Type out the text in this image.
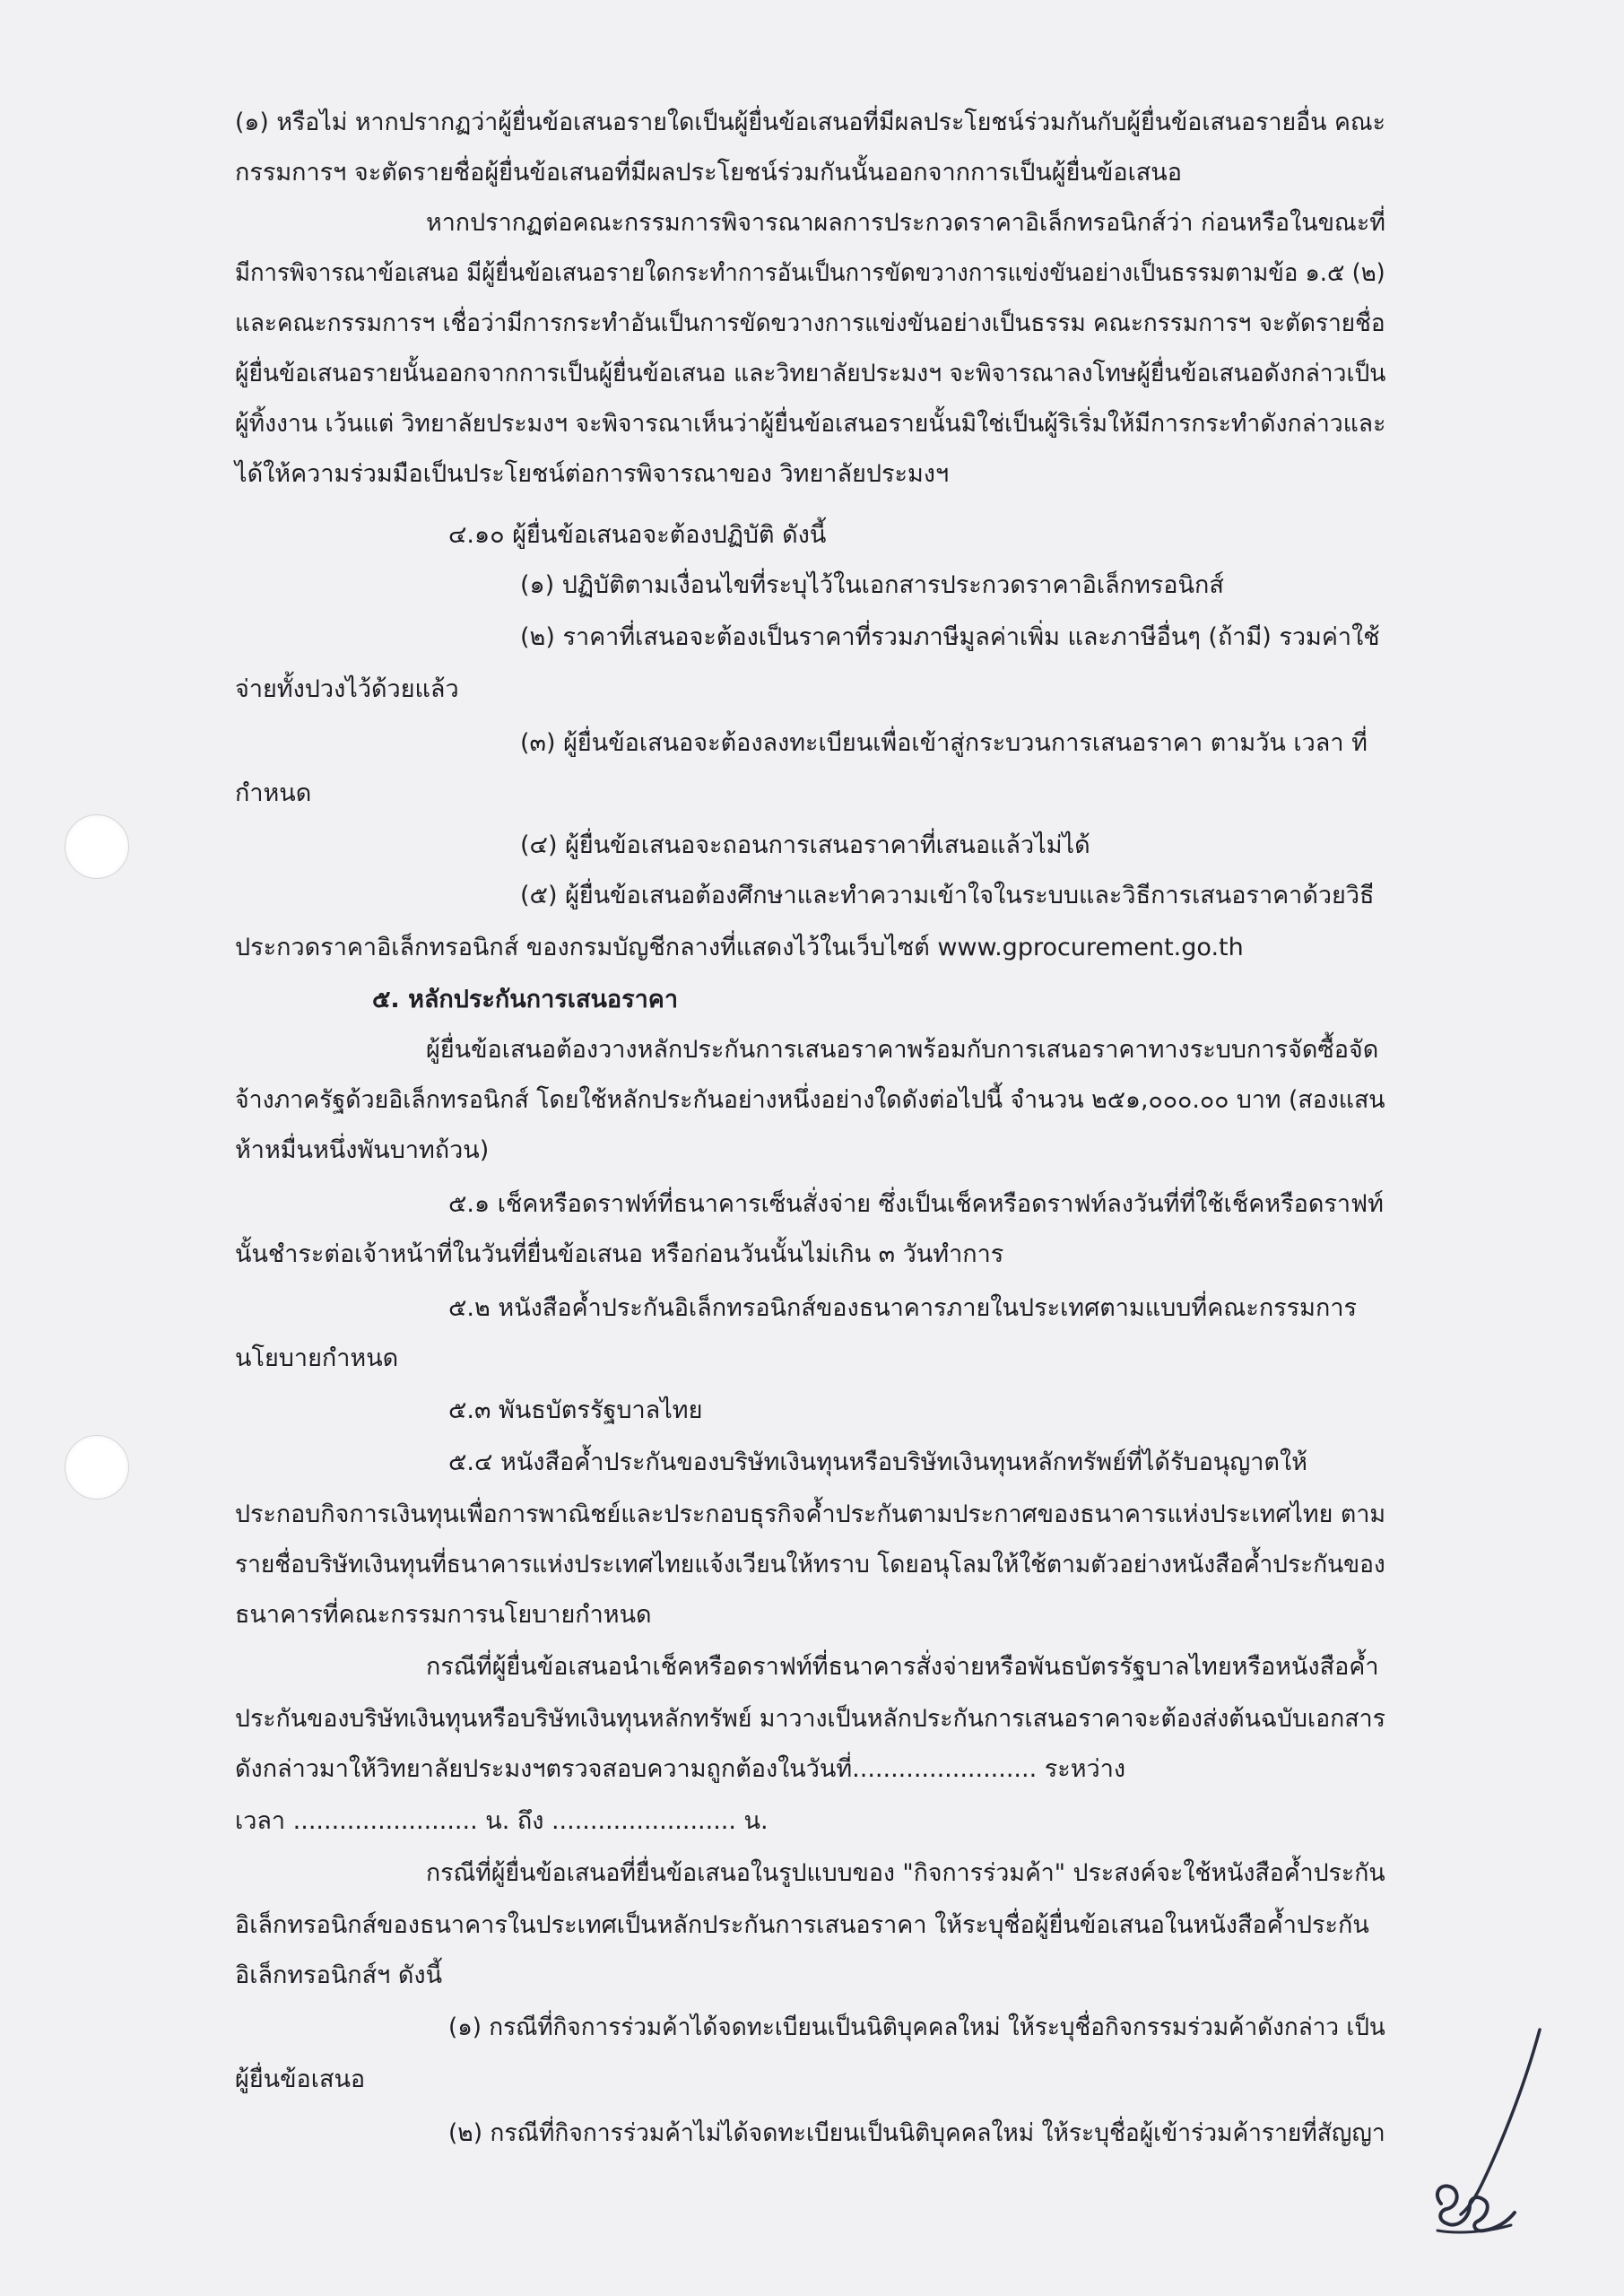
(๑) หรือไม่ หากปรากฏว่าผู้ยื่นข้อเสนอรายใดเป็นผู้ยื่นข้อเสนอที่มีผลประโยชน์ร่วมกันกับผู้ยื่นข้อเสนอรายอื่น คณะ
กรรมการฯ จะตัดรายชื่อผู้ยื่นข้อเสนอที่มีผลประโยชน์ร่วมกันนั้นออกจากการเป็นผู้ยื่นข้อเสนอ
หากปรากฏต่อคณะกรรมการพิจารณาผลการประกวดราคาอิเล็กทรอนิกส์ว่า ก่อนหรือในขณะที่
มีการพิจารณาข้อเสนอ มีผู้ยื่นข้อเสนอรายใดกระทำการอันเป็นการขัดขวางการแข่งขันอย่างเป็นธรรมตามข้อ ๑.๕ (๒)
และคณะกรรมการฯ เชื่อว่ามีการกระทำอันเป็นการขัดขวางการแข่งขันอย่างเป็นธรรม คณะกรรมการฯ จะตัดรายชื่อ
ผู้ยื่นข้อเสนอรายนั้นออกจากการเป็นผู้ยื่นข้อเสนอ และวิทยาลัยประมงฯ จะพิจารณาลงโทษผู้ยื่นข้อเสนอดังกล่าวเป็น
ผู้ทิ้งงาน เว้นแต่ วิทยาลัยประมงฯ จะพิจารณาเห็นว่าผู้ยื่นข้อเสนอรายนั้นมิใช่เป็นผู้ริเริ่มให้มีการกระทำดังกล่าวและ
ได้ให้ความร่วมมือเป็นประโยชน์ต่อการพิจารณาของ วิทยาลัยประมงฯ
๔.๑๐ ผู้ยื่นข้อเสนอจะต้องปฏิบัติ ดังนี้
(๑) ปฏิบัติตามเงื่อนไขที่ระบุไว้ในเอกสารประกวดราคาอิเล็กทรอนิกส์
(๒) ราคาที่เสนอจะต้องเป็นราคาที่รวมภาษีมูลค่าเพิ่ม และภาษีอื่นๆ (ถ้ามี) รวมค่าใช้
จ่ายทั้งปวงไว้ด้วยแล้ว
(๓) ผู้ยื่นข้อเสนอจะต้องลงทะเบียนเพื่อเข้าสู่กระบวนการเสนอราคา ตามวัน เวลา ที่
กำหนด
(๔) ผู้ยื่นข้อเสนอจะถอนการเสนอราคาที่เสนอแล้วไม่ได้
(๕) ผู้ยื่นข้อเสนอต้องศึกษาและทำความเข้าใจในระบบและวิธีการเสนอราคาด้วยวิธี
ประกวดราคาอิเล็กทรอนิกส์ ของกรมบัญชีกลางที่แสดงไว้ในเว็บไซต์ www.gprocurement.go.th
๕. หลักประกันการเสนอราคา
ผู้ยื่นข้อเสนอต้องวางหลักประกันการเสนอราคาพร้อมกับการเสนอราคาทางระบบการจัดซื้อจัด
จ้างภาครัฐด้วยอิเล็กทรอนิกส์ โดยใช้หลักประกันอย่างหนึ่งอย่างใดดังต่อไปนี้ จำนวน ๒๕๑,๐๐๐.๐๐ บาท (สองแสน
ห้าหมื่นหนึ่งพันบาทถ้วน)
๕.๑ เช็คหรือดราฟท์ที่ธนาคารเซ็นสั่งจ่าย ซึ่งเป็นเช็คหรือดราฟท์ลงวันที่ที่ใช้เช็คหรือดราฟท์
นั้นชำระต่อเจ้าหน้าที่ในวันที่ยื่นข้อเสนอ หรือก่อนวันนั้นไม่เกิน ๓ วันทำการ
๕.๒ หนังสือค้ำประกันอิเล็กทรอนิกส์ของธนาคารภายในประเทศตามแบบที่คณะกรรมการ
นโยบายกำหนด
๕.๓ พันธบัตรรัฐบาลไทย
๕.๔ หนังสือค้ำประกันของบริษัทเงินทุนหรือบริษัทเงินทุนหลักทรัพย์ที่ได้รับอนุญาตให้
ประกอบกิจการเงินทุนเพื่อการพาณิชย์และประกอบธุรกิจค้ำประกันตามประกาศของธนาคารแห่งประเทศไทย ตาม
รายชื่อบริษัทเงินทุนที่ธนาคารแห่งประเทศไทยแจ้งเวียนให้ทราบ โดยอนุโลมให้ใช้ตามตัวอย่างหนังสือค้ำประกันของ
ธนาคารที่คณะกรรมการนโยบายกำหนด
กรณีที่ผู้ยื่นข้อเสนอนำเช็คหรือดราฟท์ที่ธนาคารสั่งจ่ายหรือพันธบัตรรัฐบาลไทยหรือหนังสือค้ำ
ประกันของบริษัทเงินทุนหรือบริษัทเงินทุนหลักทรัพย์ มาวางเป็นหลักประกันการเสนอราคาจะต้องส่งต้นฉบับเอกสาร
ดังกล่าวมาให้วิทยาลัยประมงฯตรวจสอบความถูกต้องในวันที่........................ ระหว่าง
เวลา ........................ น. ถึง ........................ น.
กรณีที่ผู้ยื่นข้อเสนอที่ยื่นข้อเสนอในรูปแบบของ "กิจการร่วมค้า" ประสงค์จะใช้หนังสือค้ำประกัน
อิเล็กทรอนิกส์ของธนาคารในประเทศเป็นหลักประกันการเสนอราคา ให้ระบุชื่อผู้ยื่นข้อเสนอในหนังสือค้ำประกัน
อิเล็กทรอนิกส์ฯ ดังนี้
(๑) กรณีที่กิจการร่วมค้าได้จดทะเบียนเป็นนิติบุคคลใหม่ ให้ระบุชื่อกิจกรรมร่วมค้าดังกล่าว เป็น
ผู้ยื่นข้อเสนอ
(๒) กรณีที่กิจการร่วมค้าไม่ได้จดทะเบียนเป็นนิติบุคคลใหม่ ให้ระบุชื่อผู้เข้าร่วมค้ารายที่สัญญา
